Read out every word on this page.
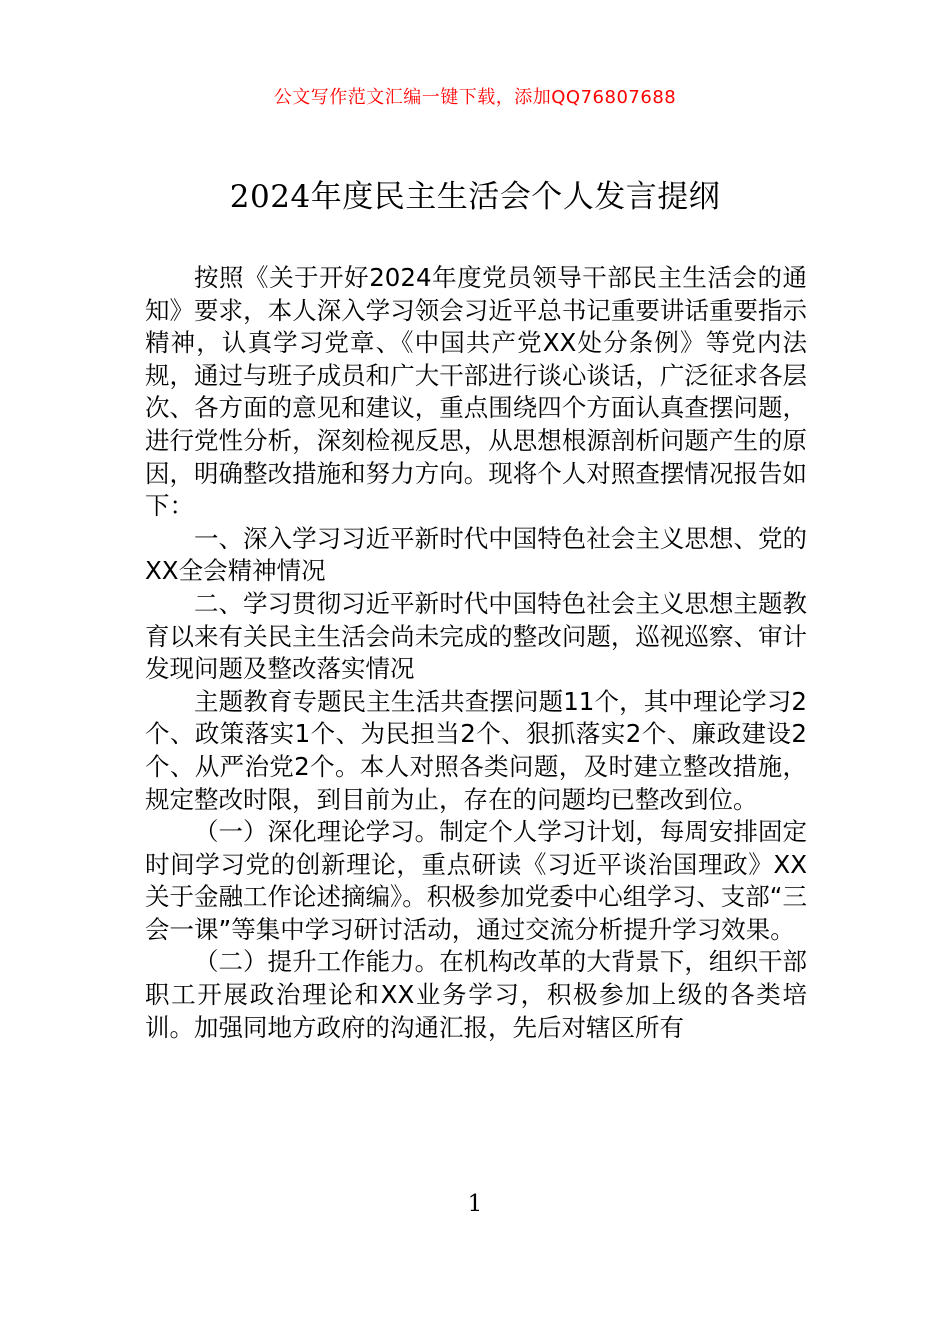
公文写作范文汇编一键下载，添加QQ76807688
2024年度民主生活会个人发言提纲

按照《关于开好2024年度党员领导干部民主生活会的通知》要求，本人深入学习领会习近平总书记重要讲话重要指示精神，认真学习党章、《中国共产党XX处分条例》等党内法规，通过与班子成员和广大干部进行谈心谈话，广泛征求各层次、各方面的意见和建议，重点围绕四个方面认真查摆问题，进行党性分析，深刻检视反思，从思想根源剖析问题产生的原因，明确整改措施和努力方向。现将个人对照查摆情况报告如下：

一、深入学习习近平新时代中国特色社会主义思想、党的XX全会精神情况

二、学习贯彻习近平新时代中国特色社会主义思想主题教育以来有关民主生活会尚未完成的整改问题，巡视巡察、审计发现问题及整改落实情况

主题教育专题民主生活共查摆问题11个，其中理论学习2个、政策落实1个、为民担当2个、狠抓落实2个、廉政建设2个、从严治党2个。本人对照各类问题，及时建立整改措施，规定整改时限，到目前为止，存在的问题均已整改到位。

（一）深化理论学习。制定个人学习计划，每周安排固定时间学习党的创新理论，重点研读《习近平谈治国理政》XX关于金融工作论述摘编》。积极参加党委中心组学习、支部“三会一课”等集中学习研讨活动，通过交流分析提升学习效果。

（二）提升工作能力。在机构改革的大背景下，组织干部职工开展政治理论和XX业务学习，积极参加上级的各类培训。加强同地方政府的沟通汇报，先后对辖区所有

1
